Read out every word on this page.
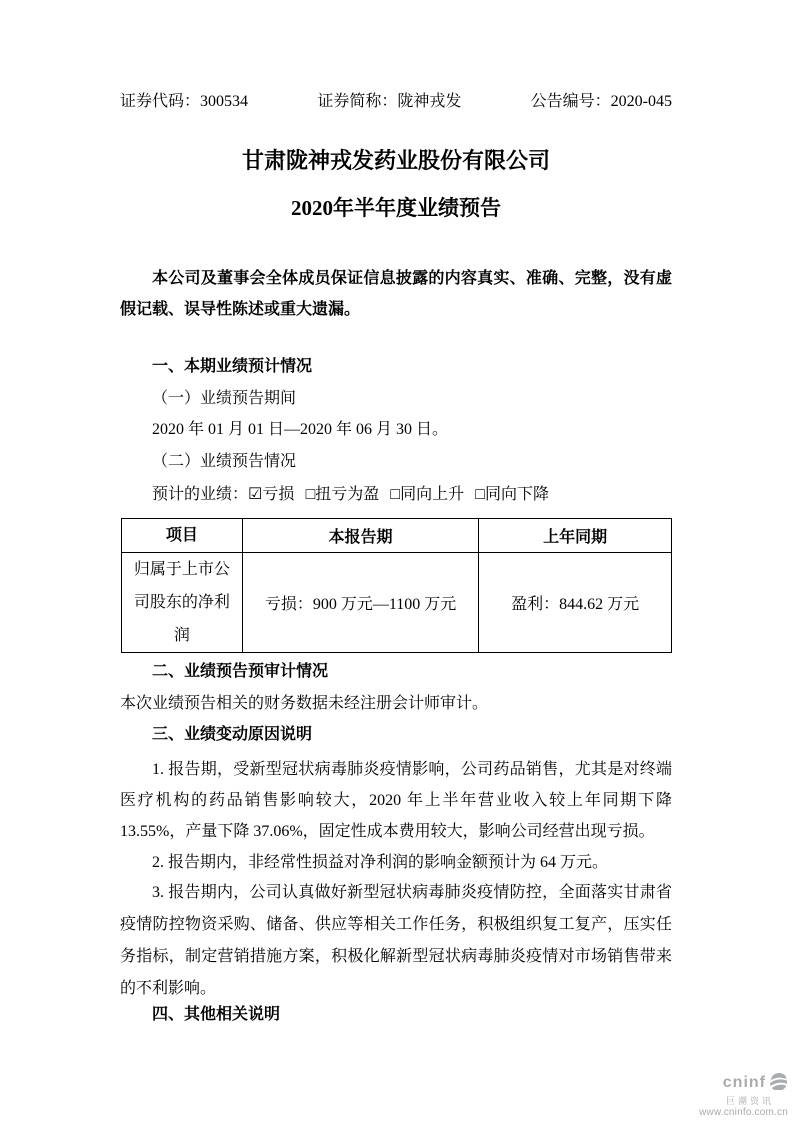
证券代码：300534	证券简称：陇神戎发	公告编号：2020-045
甘肃陇神戎发药业股份有限公司
2020年半年度业绩预告

本公司及董事会全体成员保证信息披露的内容真实、准确、完整，没有虚假记载、误导性陈述或重大遗漏。

一、本期业绩预计情况
（一）业绩预告期间
2020 年 01 月 01 日—2020 年 06 月 30 日。
（二）业绩预告情况
预计的业绩：☑亏损 □扭亏为盈 □同向上升 □同向下降
项目	本报告期	上年同期
归属于上市公司股东的净利润	亏损：900 万元—1100 万元	盈利：844.62 万元
二、业绩预告预审计情况

本次业绩预告相关的财务数据未经注册会计师审计。

三、业绩变动原因说明

1. 报告期，受新型冠状病毒肺炎疫情影响，公司药品销售，尤其是对终端医疗机构的药品销售影响较大，2020 年上半年营业收入较上年同期下降 13.55%，产量下降 37.06%，固定性成本费用较大，影响公司经营出现亏损。

2. 报告期内，非经常性损益对净利润的影响金额预计为 64 万元。

3. 报告期内，公司认真做好新型冠状病毒肺炎疫情防控，全面落实甘肃省疫情防控物资采购、储备、供应等相关工作任务，积极组织复工复产，压实任务指标，制定营销措施方案，积极化解新型冠状病毒肺炎疫情对市场销售带来的不利影响。

四、其他相关说明
cninf
巨潮资讯
www.cninfo.com.cn
